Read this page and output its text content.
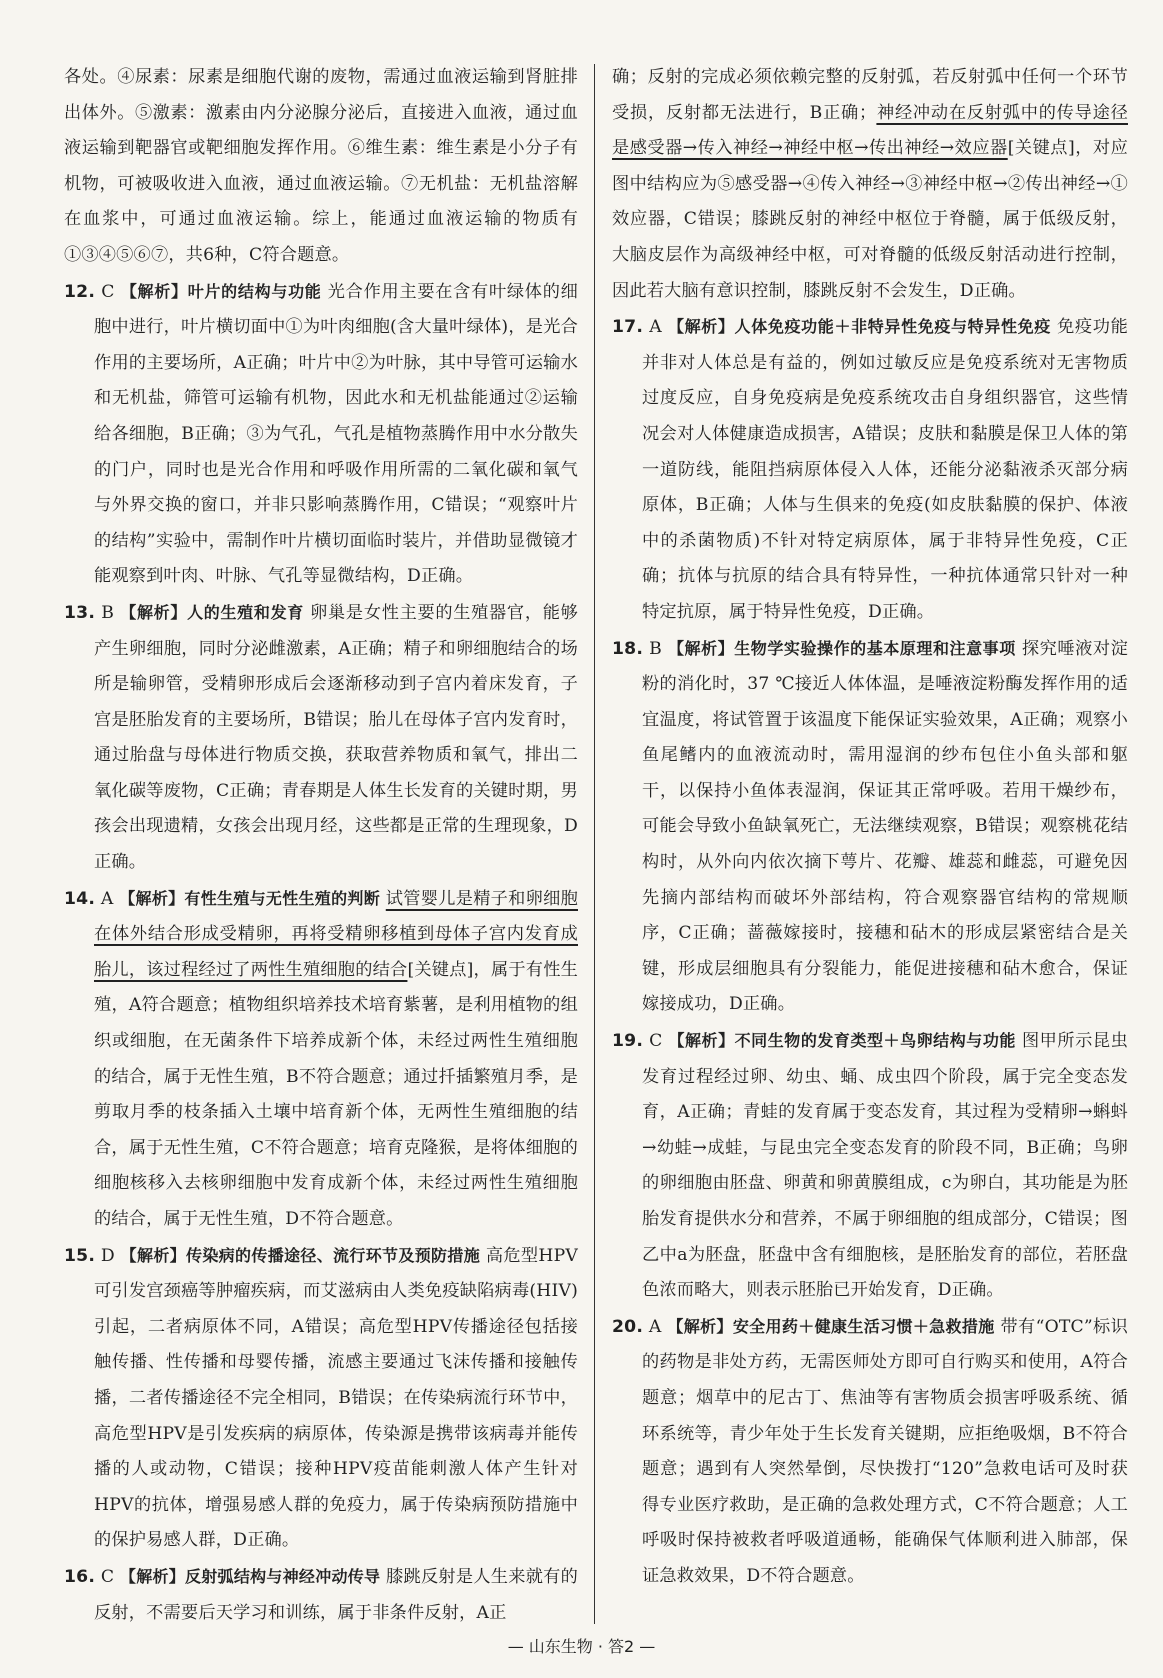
各处。④尿素：尿素是细胞代谢的废物，需通过血液运输到肾脏排出体外。⑤激素：激素由内分泌腺分泌后，直接进入血液，通过血液运输到靶器官或靶细胞发挥作用。⑥维生素：维生素是小分子有机物，可被吸收进入血液，通过血液运输。⑦无机盐：无机盐溶解在血浆中，可通过血液运输。综上，能通过血液运输的物质有①③④⑤⑥⑦，共6种，C符合题意。

12. C 【解析】叶片的结构与功能 光合作用主要在含有叶绿体的细胞中进行，叶片横切面中①为叶肉细胞(含大量叶绿体)，是光合作用的主要场所，A正确；叶片中②为叶脉，其中导管可运输水和无机盐，筛管可运输有机物，因此水和无机盐能通过②运输给各细胞，B正确；③为气孔，气孔是植物蒸腾作用中水分散失的门户，同时也是光合作用和呼吸作用所需的二氧化碳和氧气与外界交换的窗口，并非只影响蒸腾作用，C错误；“观察叶片的结构”实验中，需制作叶片横切面临时装片，并借助显微镜才能观察到叶肉、叶脉、气孔等显微结构，D正确。

13. B 【解析】人的生殖和发育 卵巢是女性主要的生殖器官，能够产生卵细胞，同时分泌雌激素，A正确；精子和卵细胞结合的场所是输卵管，受精卵形成后会逐渐移动到子宫内着床发育，子宫是胚胎发育的主要场所，B错误；胎儿在母体子宫内发育时，通过胎盘与母体进行物质交换，获取营养物质和氧气，排出二氧化碳等废物，C正确；青春期是人体生长发育的关键时期，男孩会出现遗精，女孩会出现月经，这些都是正常的生理现象，D正确。

14. A 【解析】有性生殖与无性生殖的判断 试管婴儿是精子和卵细胞在体外结合形成受精卵，再将受精卵移植到母体子宫内发育成胎儿，该过程经过了两性生殖细胞的结合[关键点]，属于有性生殖，A符合题意；植物组织培养技术培育紫薯，是利用植物的组织或细胞，在无菌条件下培养成新个体，未经过两性生殖细胞的结合，属于无性生殖，B不符合题意；通过扦插繁殖月季，是剪取月季的枝条插入土壤中培育新个体，无两性生殖细胞的结合，属于无性生殖，C不符合题意；培育克隆猴，是将体细胞的细胞核移入去核卵细胞中发育成新个体，未经过两性生殖细胞的结合，属于无性生殖，D不符合题意。

15. D 【解析】传染病的传播途径、流行环节及预防措施 高危型HPV可引发宫颈癌等肿瘤疾病，而艾滋病由人类免疫缺陷病毒(HIV)引起，二者病原体不同，A错误；高危型HPV传播途径包括接触传播、性传播和母婴传播，流感主要通过飞沫传播和接触传播，二者传播途径不完全相同，B错误；在传染病流行环节中，高危型HPV是引发疾病的病原体，传染源是携带该病毒并能传播的人或动物，C错误；接种HPV疫苗能刺激人体产生针对HPV的抗体，增强易感人群的免疫力，属于传染病预防措施中的保护易感人群，D正确。

16. C 【解析】反射弧结构与神经冲动传导 膝跳反射是人生来就有的反射，不需要后天学习和训练，属于非条件反射，A正

确；反射的完成必须依赖完整的反射弧，若反射弧中任何一个环节受损，反射都无法进行，B正确；神经冲动在反射弧中的传导途径是感受器→传入神经→神经中枢→传出神经→效应器[关键点]，对应图中结构应为⑤感受器→④传入神经→③神经中枢→②传出神经→①效应器，C错误；膝跳反射的神经中枢位于脊髓，属于低级反射，大脑皮层作为高级神经中枢，可对脊髓的低级反射活动进行控制，因此若大脑有意识控制，膝跳反射不会发生，D正确。

17. A 【解析】人体免疫功能＋非特异性免疫与特异性免疫 免疫功能并非对人体总是有益的，例如过敏反应是免疫系统对无害物质过度反应，自身免疫病是免疫系统攻击自身组织器官，这些情况会对人体健康造成损害，A错误；皮肤和黏膜是保卫人体的第一道防线，能阻挡病原体侵入人体，还能分泌黏液杀灭部分病原体，B正确；人体与生俱来的免疫(如皮肤黏膜的保护、体液中的杀菌物质)不针对特定病原体，属于非特异性免疫，C正确；抗体与抗原的结合具有特异性，一种抗体通常只针对一种特定抗原，属于特异性免疫，D正确。

18. B 【解析】生物学实验操作的基本原理和注意事项 探究唾液对淀粉的消化时，37 ℃接近人体体温，是唾液淀粉酶发挥作用的适宜温度，将试管置于该温度下能保证实验效果，A正确；观察小鱼尾鳍内的血液流动时，需用湿润的纱布包住小鱼头部和躯干，以保持小鱼体表湿润，保证其正常呼吸。若用干燥纱布，可能会导致小鱼缺氧死亡，无法继续观察，B错误；观察桃花结构时，从外向内依次摘下萼片、花瓣、雄蕊和雌蕊，可避免因先摘内部结构而破坏外部结构，符合观察器官结构的常规顺序，C正确；蔷薇嫁接时，接穗和砧木的形成层紧密结合是关键，形成层细胞具有分裂能力，能促进接穗和砧木愈合，保证嫁接成功，D正确。

19. C 【解析】不同生物的发育类型＋鸟卵结构与功能 图甲所示昆虫发育过程经过卵、幼虫、蛹、成虫四个阶段，属于完全变态发育，A正确；青蛙的发育属于变态发育，其过程为受精卵→蝌蚪→幼蛙→成蛙，与昆虫完全变态发育的阶段不同，B正确；鸟卵的卵细胞由胚盘、卵黄和卵黄膜组成，c为卵白，其功能是为胚胎发育提供水分和营养，不属于卵细胞的组成部分，C错误；图乙中a为胚盘，胚盘中含有细胞核，是胚胎发育的部位，若胚盘色浓而略大，则表示胚胎已开始发育，D正确。

20. A 【解析】安全用药＋健康生活习惯＋急救措施 带有“OTC”标识的药物是非处方药，无需医师处方即可自行购买和使用，A符合题意；烟草中的尼古丁、焦油等有害物质会损害呼吸系统、循环系统等，青少年处于生长发育关键期，应拒绝吸烟，B不符合题意；遇到有人突然晕倒，尽快拨打“120”急救电话可及时获得专业医疗救助，是正确的急救处理方式，C不符合题意；人工呼吸时保持被救者呼吸道通畅，能确保气体顺利进入肺部，保证急救效果，D不符合题意。

— 山东生物 · 答2 —
